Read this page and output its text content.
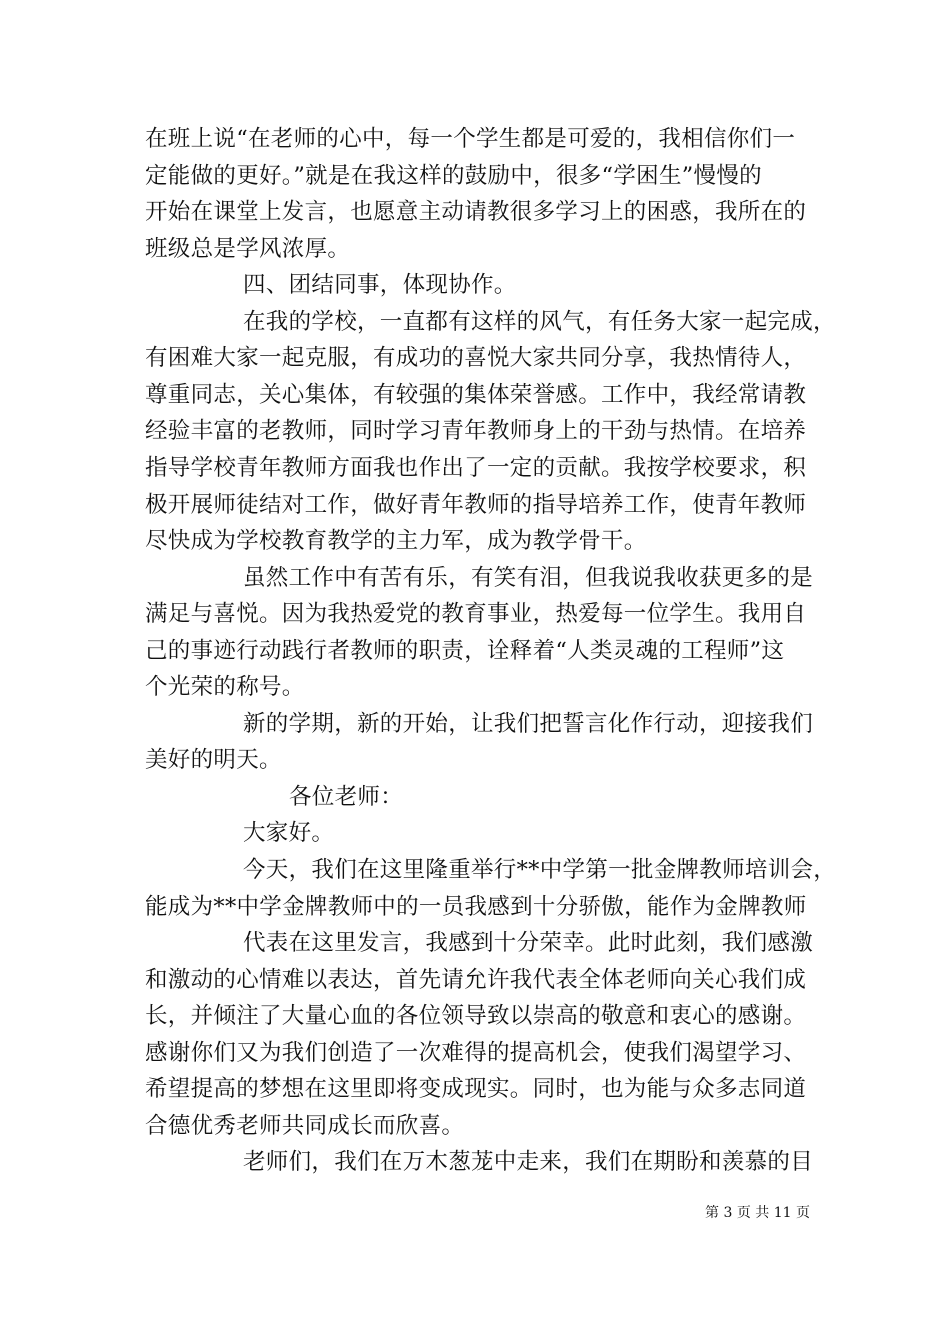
在班上说“在老师的心中，每一个学生都是可爱的，我相信你们一
定能做的更好。”就是在我这样的鼓励中，很多“学困生”慢慢的
开始在课堂上发言，也愿意主动请教很多学习上的困惑，我所在的
班级总是学风浓厚。
四、团结同事，体现协作。
在我的学校，一直都有这样的风气，有任务大家一起完成，
有困难大家一起克服，有成功的喜悦大家共同分享，我热情待人，
尊重同志，关心集体，有较强的集体荣誉感。工作中，我经常请教
经验丰富的老教师，同时学习青年教师身上的干劲与热情。在培养
指导学校青年教师方面我也作出了一定的贡献。我按学校要求，积
极开展师徒结对工作，做好青年教师的指导培养工作，使青年教师
尽快成为学校教育教学的主力军，成为教学骨干。
虽然工作中有苦有乐，有笑有泪，但我说我收获更多的是
满足与喜悦。因为我热爱党的教育事业，热爱每一位学生。我用自
己的事迹行动践行者教师的职责，诠释着“人类灵魂的工程师”这
个光荣的称号。
新的学期，新的开始，让我们把誓言化作行动，迎接我们
美好的明天。
各位老师：
大家好。
今天，我们在这里隆重举行**中学第一批金牌教师培训会，
能成为**中学金牌教师中的一员我感到十分骄傲，能作为金牌教师
代表在这里发言，我感到十分荣幸。此时此刻，我们感激
和激动的心情难以表达，首先请允许我代表全体老师向关心我们成
长，并倾注了大量心血的各位领导致以崇高的敬意和衷心的感谢。
感谢你们又为我们创造了一次难得的提高机会，使我们渴望学习、
希望提高的梦想在这里即将变成现实。同时，也为能与众多志同道
合德优秀老师共同成长而欣喜。
老师们，我们在万木葱茏中走来，我们在期盼和羡慕的目
第 3 页 共 11 页
